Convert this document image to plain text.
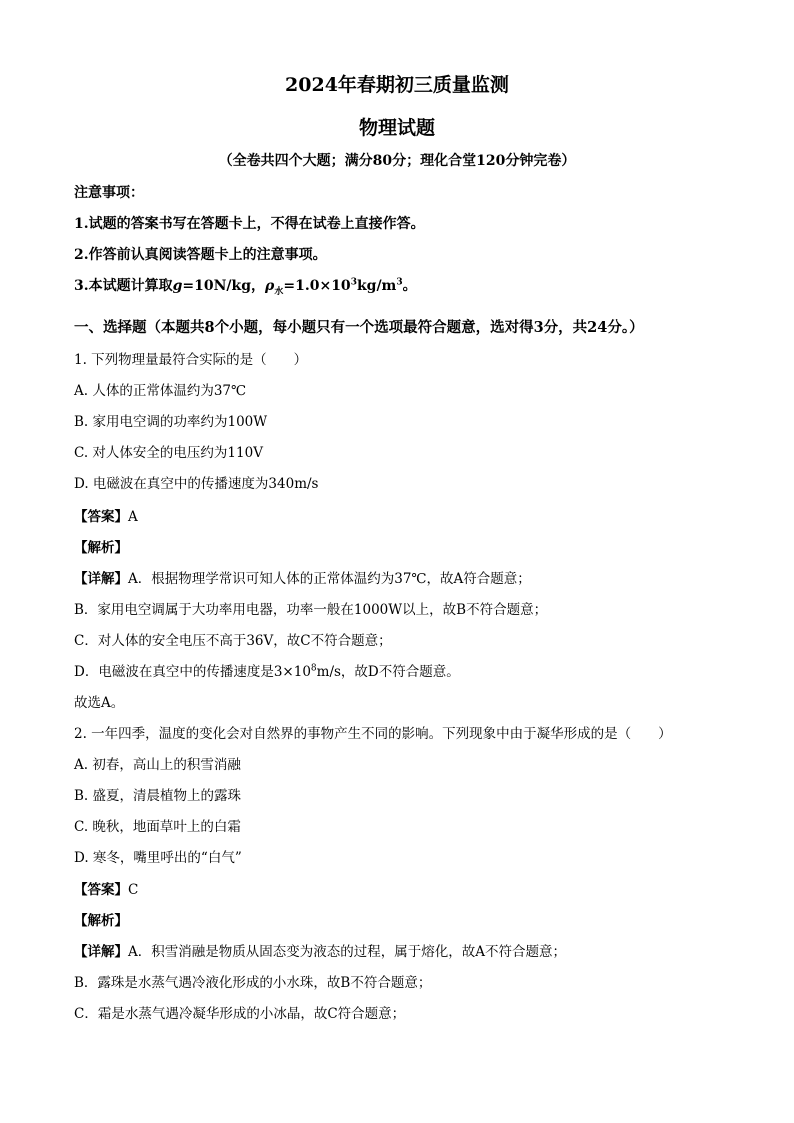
2024年春期初三质量监测
物理试题
（全卷共四个大题；满分80分；理化合堂120分钟完卷）
注意事项：
1.试题的答案书写在答题卡上，不得在试卷上直接作答。
2.作答前认真阅读答题卡上的注意事项。
3.本试题计算取g=10N/kg，$\rho_水=1.0\times 10^3kg/m^3$。
一、选择题（本题共8个小题，每小题只有一个选项最符合题意，选对得3分，共24分。）
1. 下列物理量最符合实际的是（　　）
A. 人体的正常体温约为37℃
B. 家用电空调的功率约为100W
C. 对人体安全的电压约为110V
D. 电磁波在真空中的传播速度为340m/s
【答案】A
【解析】
【详解】A．根据物理学常识可知人体的正常体温约为37℃，故A符合题意；
B．家用电空调属于大功率用电器，功率一般在1000W以上，故B不符合题意；
C．对人体的安全电压不高于36V，故C不符合题意；
D．电磁波在真空中的传播速度是$3\times 10^8m/s$，故D不符合题意。
故选A。
2. 一年四季，温度的变化会对自然界的事物产生不同的影响。下列现象中由于凝华形成的是（　　）
A. 初春，高山上的积雪消融
B. 盛夏，清晨植物上的露珠
C. 晚秋，地面草叶上的白霜
D. 寒冬，嘴里呼出的“白气”
【答案】C
【解析】
【详解】A．积雪消融是物质从固态变为液态的过程，属于熔化，故A不符合题意；
B．露珠是水蒸气遇冷液化形成的小水珠，故B不符合题意；
C．霜是水蒸气遇冷凝华形成的小冰晶，故C符合题意；
